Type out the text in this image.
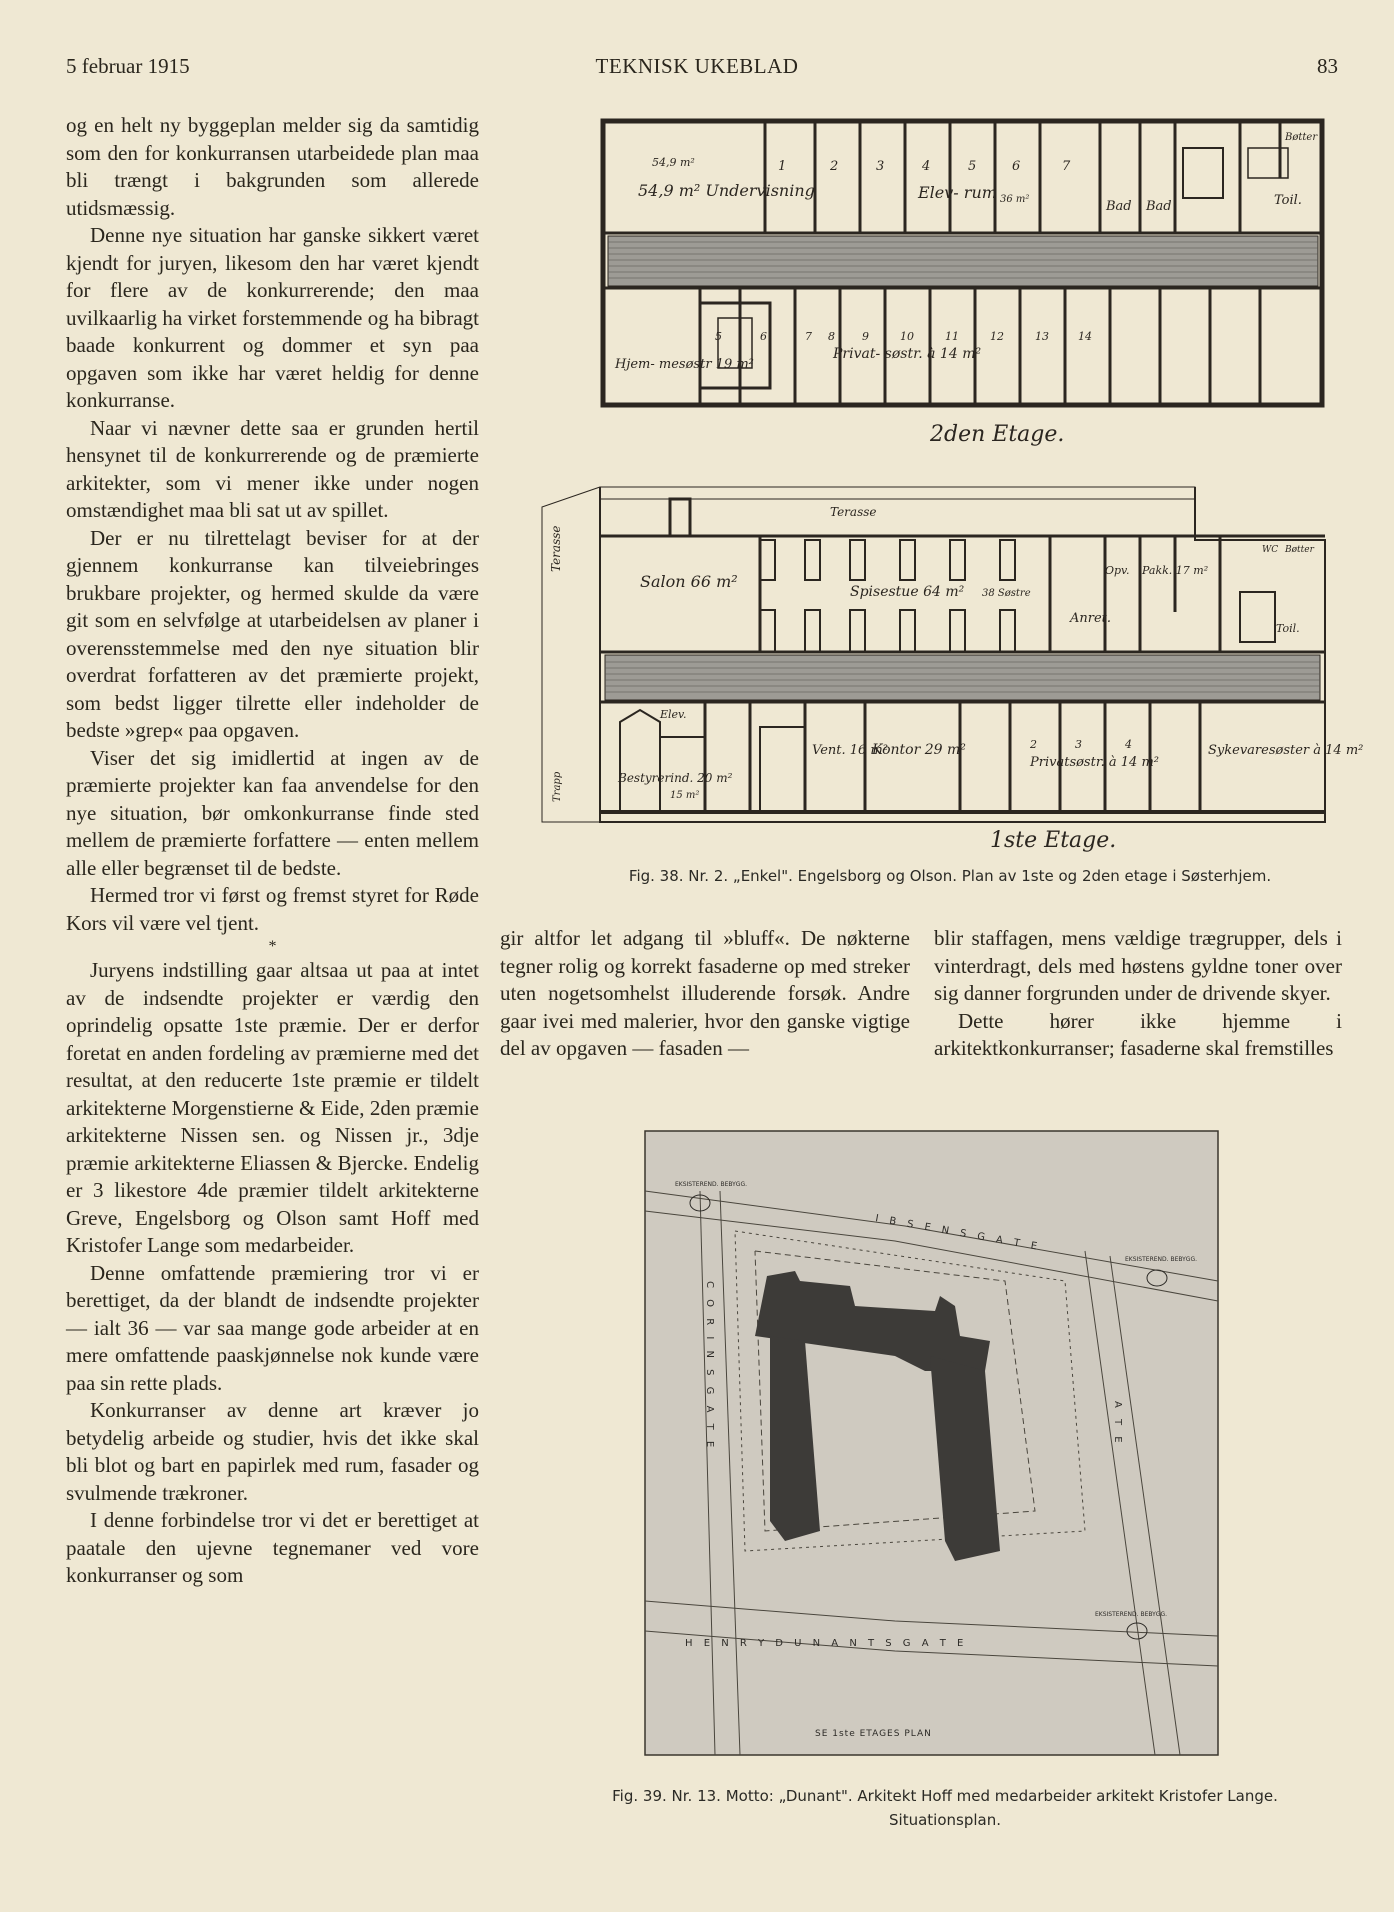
5 februar 1915	TEKNISK UKEBLAD	83

og en helt ny byggeplan melder sig da samtidig som den for konkurransen utarbeidede plan maa bli trængt i bakgrunden som allerede utidsmæssig.

Denne nye situation har ganske sikkert været kjendt for juryen, likesom den har været kjendt for flere av de konkurrerende; den maa uvilkaarlig ha virket forstemmende og ha bibragt baade konkurrent og dommer et syn paa opgaven som ikke har været heldig for denne konkurranse.

Naar vi nævner dette saa er grunden hertil hensynet til de konkurrerende og de præmierte arkitekter, som vi mener ikke under nogen omstændighet maa bli sat ut av spillet.

Der er nu tilrettelagt beviser for at der gjennem konkurranse kan tilveiebringes brukbare projekter, og hermed skulde da være git som en selvfølge at utarbeidelsen av planer i overensstemmelse med den nye situation blir overdrat forfatteren av det præmierte projekt, som bedst ligger tilrette eller indeholder de bedste »grep« paa opgaven.

Viser det sig imidlertid at ingen av de præmierte projekter kan faa anvendelse for den nye situation, bør omkonkurranse finde sted mellem de præmierte forfattere — enten mellem alle eller begrænset til de bedste.

Hermed tror vi først og fremst styret for Røde Kors vil være vel tjent.

*

Juryens indstilling gaar altsaa ut paa at intet av de indsendte projekter er værdig den oprindelig opsatte 1ste præmie. Der er derfor foretat en anden fordeling av præmierne med det resultat, at den reducerte 1ste præmie er tildelt arkitekterne Morgenstierne & Eide, 2den præmie arkitekterne Nissen sen. og Nissen jr., 3dje præmie arkitekterne Eliassen & Bjercke. Endelig er 3 likestore 4de præmier tildelt arkitekterne Greve, Engelsborg og Olson samt Hoff med Kristofer Lange som medarbeider.

Denne omfattende præmiering tror vi er berettiget, da der blandt de indsendte projekter — ialt 36 — var saa mange gode arbeider at en mere omfattende paaskjønnelse nok kunde være paa sin rette plads.

Konkurranser av denne art kræver jo betydelig arbeide og studier, hvis det ikke skal bli blot og bart en papirlek med rum, fasader og svulmende trækroner.

I denne forbindelse tror vi det er berettiget at paatale den ujevne tegnemaner ved vore konkurranser og som

gir altfor let adgang til »bluff«. De nøkterne tegner rolig og korrekt fasaderne op med streker uten nogetsomhelst illuderende forsøk. Andre gaar ivei med malerier, hvor den ganske vigtige del av opgaven — fasaden —

blir staffagen, mens vældige trægrupper, dels i vinterdragt, dels med høstens gyldne toner over sig danner forgrunden under de drivende skyer.

Dette hører ikke hjemme i arkitektkonkurranser; fasaderne skal fremstilles

54,9 m²
54,9 m² Undervisning
1	2	3	4	5	6	7
Elev- rum 36 m²	Bad Bad	Toil.
Bøtter
Hjem- mesøstr 19 m²
Privat- søstr. à 14 m²
8
5	6	7	9	10	11	12	13	14
2den Etage.
Salon 66 m²
Spisestue 64 m² 38 Søstre
Opv. Pakk. 17 m²
Anret.
Toil.
Bøtter
WC
Terasse
Terasse
Bestyrerind. 20 m²
15 m²
Elev.
Vent. 16 m²
Kontor 29 m²
Privatsøstr. à 14 m²
2	3	4	Sykevaresøster à 14 m²
Trapp
1ste Etage.
Fig. 38. Nr. 2. „Enkel". Engelsborg og Olson. Plan av 1ste og 2den etage i Søsterhjem.
I B S E N S G A T E
C O R I N S G A T E	A T E
H E N R Y D U N A N T S G A T E
SE 1ste ETAGES PLAN
EKSISTEREND. BEBYGG.
EKSISTEREND. BEBYGG.
EKSISTEREND. BEBYGG.
Fig. 39. Nr. 13. Motto: „Dunant". Arkitekt Hoff med medarbeider arkitekt Kristofer Lange.
Situationsplan.
